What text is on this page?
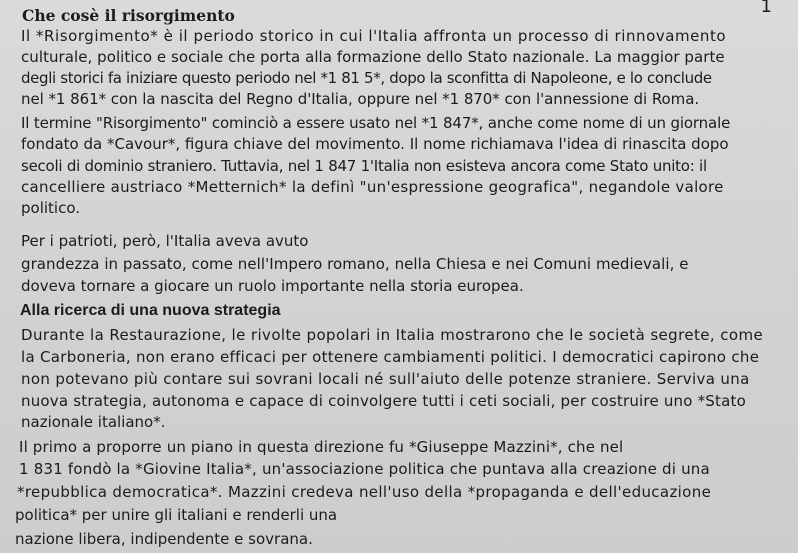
1
Che cosè il risorgimento
Il *Risorgimento* è il periodo storico in cui l'Italia affronta un processo di rinnovamento
culturale, politico e sociale che porta alla formazione dello Stato nazionale. La maggior parte
degli storici fa iniziare questo periodo nel *1 81 5*, dopo la sconfitta di Napoleone, e lo conclude
nel *1 861* con la nascita del Regno d'Italia, oppure nel *1 870* con l'annessione di Roma.
Il termine "Risorgimento" cominciò a essere usato nel *1 847*, anche come nome di un giornale
fondato da *Cavour*, figura chiave del movimento. Il nome richiamava l'idea di rinascita dopo
secoli di dominio straniero. Tuttavia, nel 1 847 1'Italia non esisteva ancora come Stato unito: il
cancelliere austriaco *Metternich* la definì "un'espressione geografica", negandole valore
politico.
Per i patrioti, però, l'Italia aveva avuto
grandezza in passato, come nell'Impero romano, nella Chiesa e nei Comuni medievali, e
doveva tornare a giocare un ruolo importante nella storia europea.
Alla ricerca di una nuova strategia
Durante la Restaurazione, le rivolte popolari in Italia mostrarono che le società segrete, come
la Carboneria, non erano efficaci per ottenere cambiamenti politici. I democratici capirono che
non potevano più contare sui sovrani locali né sull'aiuto delle potenze straniere. Serviva una
nuova strategia, autonoma e capace di coinvolgere tutti i ceti sociali, per costruire uno *Stato
nazionale italiano*.
Il primo a proporre un piano in questa direzione fu *Giuseppe Mazzini*, che nel
1 831 fondò la *Giovine Italia*, un'associazione politica che puntava alla creazione di una
*repubblica democratica*. Mazzini credeva nell'uso della *propaganda e dell'educazione
politica* per unire gli italiani e renderli una
nazione libera, indipendente e sovrana.
